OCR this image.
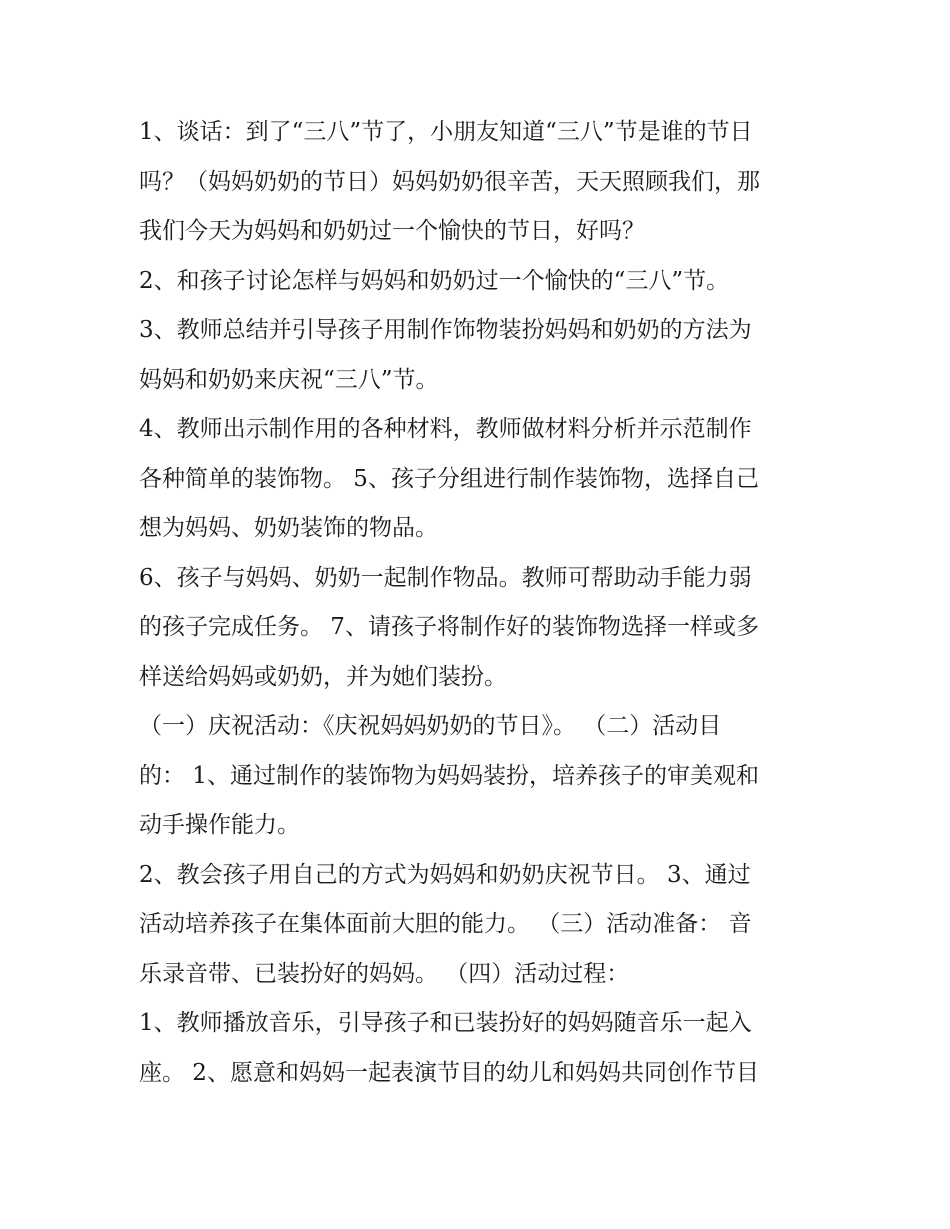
1、谈话：到了“三八”节了，小朋友知道“三八”节是谁的节日
吗？（妈妈奶奶的节日）妈妈奶奶很辛苦，天天照顾我们，那
我们今天为妈妈和奶奶过一个愉快的节日，好吗？

2、和孩子讨论怎样与妈妈和奶奶过一个愉快的“三八”节。

3、教师总结并引导孩子用制作饰物装扮妈妈和奶奶的方法为
妈妈和奶奶来庆祝“三八”节。

4、教师出示制作用的各种材料，教师做材料分析并示范制作
各种简单的装饰物。 5、孩子分组进行制作装饰物，选择自己
想为妈妈、奶奶装饰的物品。

6、孩子与妈妈、奶奶一起制作物品。教师可帮助动手能力弱
的孩子完成任务。 7、请孩子将制作好的装饰物选择一样或多
样送给妈妈或奶奶，并为她们装扮。

（一）庆祝活动：《庆祝妈妈奶奶的节日》。 （二）活动目
的： 1、通过制作的装饰物为妈妈装扮，培养孩子的审美观和
动手操作能力。

2、教会孩子用自己的方式为妈妈和奶奶庆祝节日。 3、通过
活动培养孩子在集体面前大胆的能力。 （三）活动准备： 音
乐录音带、已装扮好的妈妈。 （四）活动过程：

1、教师播放音乐，引导孩子和已装扮好的妈妈随音乐一起入
座。 2、愿意和妈妈一起表演节目的幼儿和妈妈共同创作节目
